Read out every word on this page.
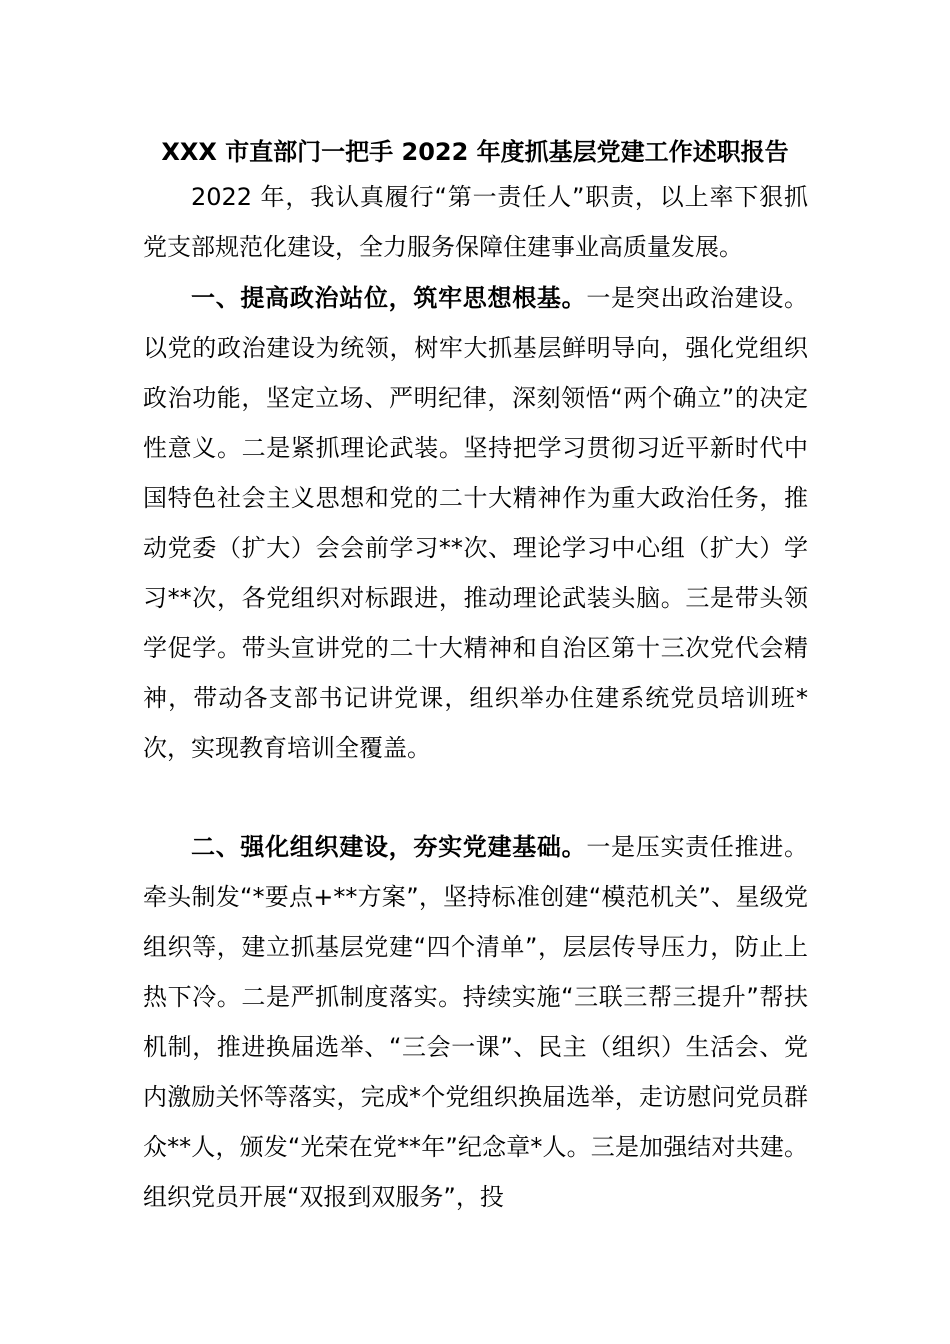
XXX 市直部门一把手 2022 年度抓基层党建工作述职报告

2022 年，我认真履行“第一责任人”职责，以上率下狠抓党支部规范化建设，全力服务保障住建事业高质量发展。

一、提高政治站位，筑牢思想根基。一是突出政治建设。以党的政治建设为统领，树牢大抓基层鲜明导向，强化党组织政治功能，坚定立场、严明纪律，深刻领悟“两个确立”的决定性意义。二是紧抓理论武装。坚持把学习贯彻习近平新时代中国特色社会主义思想和党的二十大精神作为重大政治任务，推动党委（扩大）会会前学习**次、理论学习中心组（扩大）学习**次，各党组织对标跟进，推动理论武装头脑。三是带头领学促学。带头宣讲党的二十大精神和自治区第十三次党代会精神，带动各支部书记讲党课，组织举办住建系统党员培训班*次，实现教育培训全覆盖。

二、强化组织建设，夯实党建基础。一是压实责任推进。牵头制发“*要点+**方案”，坚持标准创建“模范机关”、星级党组织等，建立抓基层党建“四个清单”，层层传导压力，防止上热下冷。二是严抓制度落实。持续实施“三联三帮三提升”帮扶机制，推进换届选举、“三会一课”、民主（组织）生活会、党内激励关怀等落实，完成*个党组织换届选举，走访慰问党员群众**人，颁发“光荣在党**年”纪念章*人。三是加强结对共建。组织党员开展“双报到双服务”，投
